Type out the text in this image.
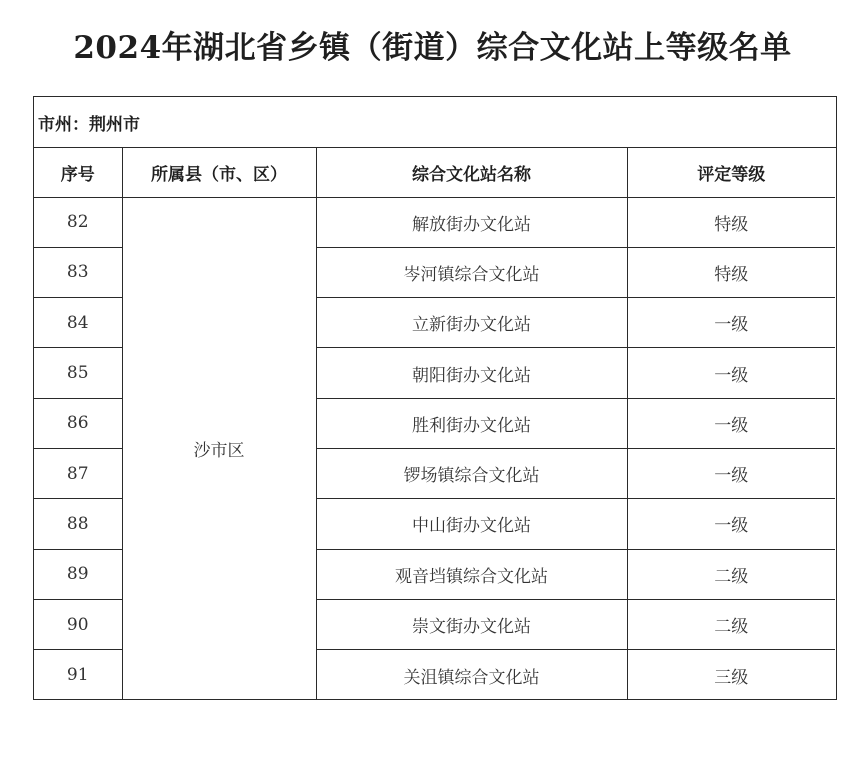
2024年湖北省乡镇（街道）综合文化站上等级名单
市州：荆州市
序号	所属县（市、区）	综合文化站名称	评定等级
82	沙市区	解放街办文化站	特级
83		岑河镇综合文化站	特级
84		立新街办文化站	一级
85		朝阳街办文化站	一级
86		胜利街办文化站	一级
87		锣场镇综合文化站	一级
88		中山街办文化站	一级
89		观音垱镇综合文化站	二级
90		崇文街办文化站	二级
91		关沮镇综合文化站	三级
